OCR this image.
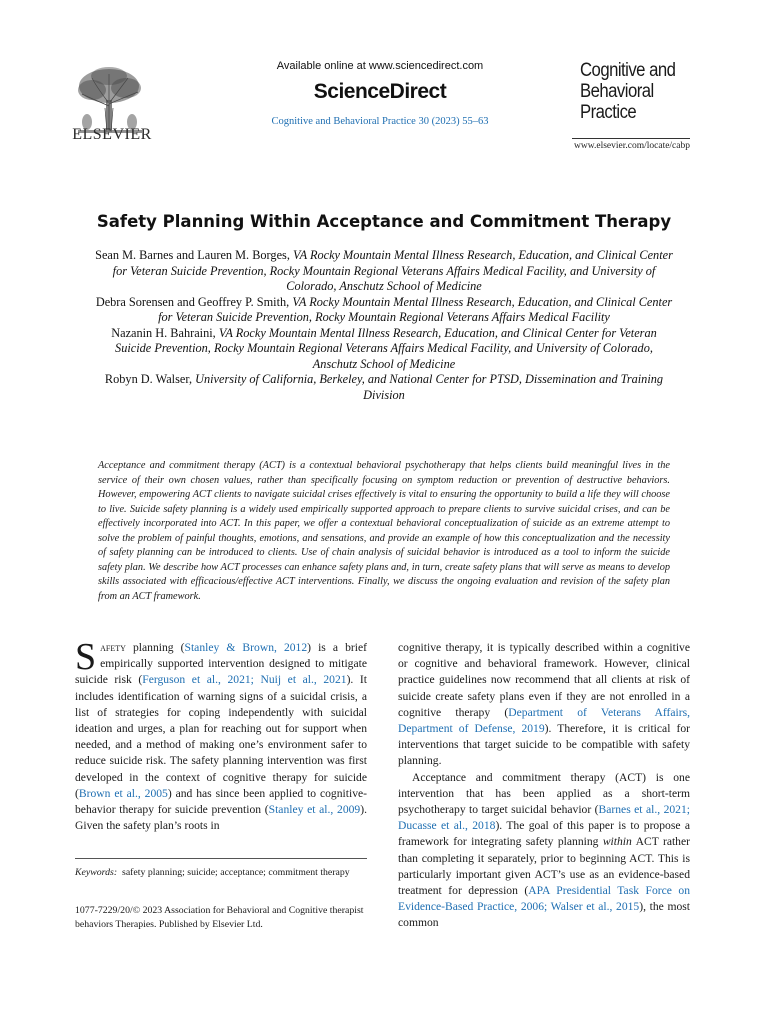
ELSEVIER
Available online at www.sciencedirect.com
ScienceDirect
Cognitive and Behavioral Practice 30 (2023) 55–63
Cognitive and
Behavioral
Practice
www.elsevier.com/locate/cabp
Safety Planning Within Acceptance and Commitment Therapy
Sean M. Barnes and Lauren M. Borges, VA Rocky Mountain Mental Illness Research, Education, and Clinical Center for Veteran Suicide Prevention, Rocky Mountain Regional Veterans Affairs Medical Facility, and University of Colorado, Anschutz School of Medicine
Debra Sorensen and Geoffrey P. Smith, VA Rocky Mountain Mental Illness Research, Education, and Clinical Center for Veteran Suicide Prevention, Rocky Mountain Regional Veterans Affairs Medical Facility
Nazanin H. Bahraini, VA Rocky Mountain Mental Illness Research, Education, and Clinical Center for Veteran Suicide Prevention, Rocky Mountain Regional Veterans Affairs Medical Facility, and University of Colorado, Anschutz School of Medicine
Robyn D. Walser, University of California, Berkeley, and National Center for PTSD, Dissemination and Training Division
Acceptance and commitment therapy (ACT) is a contextual behavioral psychotherapy that helps clients build meaningful lives in the service of their own chosen values, rather than specifically focusing on symptom reduction or prevention of destructive behaviors. However, empowering ACT clients to navigate suicidal crises effectively is vital to ensuring the opportunity to build a life they will choose to live. Suicide safety planning is a widely used empirically supported approach to prepare clients to survive suicidal crises, and can be effectively incorporated into ACT. In this paper, we offer a contextual behavioral conceptualization of suicide as an extreme attempt to solve the problem of painful thoughts, emotions, and sensations, and provide an example of how this conceptualization and the necessity of safety planning can be introduced to clients. Use of chain analysis of suicidal behavior is introduced as a tool to inform the suicide safety plan. We describe how ACT processes can enhance safety plans and, in turn, create safety plans that will serve as means to develop skills associated with efficacious/effective ACT interventions. Finally, we discuss the ongoing evaluation and revision of the safety plan from an ACT framework.

Safety planning (Stanley & Brown, 2012) is a brief empirically supported intervention designed to mitigate suicide risk (Ferguson et al., 2021; Nuij et al., 2021). It includes identification of warning signs of a suicidal crisis, a list of strategies for coping independently with suicidal ideation and urges, a plan for reaching out for support when needed, and a method of making one’s environment safer to reduce suicide risk. The safety planning intervention was first developed in the context of cognitive therapy for suicide (Brown et al., 2005) and has since been applied to cognitive-behavior therapy for suicide prevention (Stanley et al., 2009). Given the safety plan’s roots in

Keywords: safety planning; suicide; acceptance; commitment therapy
1077-7229/20/© 2023 Association for Behavioral and Cognitive therapist behaviors Therapies. Published by Elsevier Ltd.

cognitive therapy, it is typically described within a cognitive or cognitive and behavioral framework. However, clinical practice guidelines now recommend that all clients at risk of suicide create safety plans even if they are not enrolled in a cognitive therapy (Department of Veterans Affairs, Department of Defense, 2019). Therefore, it is critical for interventions that target suicide to be compatible with safety planning.

Acceptance and commitment therapy (ACT) is one intervention that has been applied as a short-term psychotherapy to target suicidal behavior (Barnes et al., 2021; Ducasse et al., 2018). The goal of this paper is to propose a framework for integrating safety planning within ACT rather than completing it separately, prior to beginning ACT. This is particularly important given ACT’s use as an evidence-based treatment for depression (APA Presidential Task Force on Evidence-Based Practice, 2006; Walser et al., 2015), the most common
